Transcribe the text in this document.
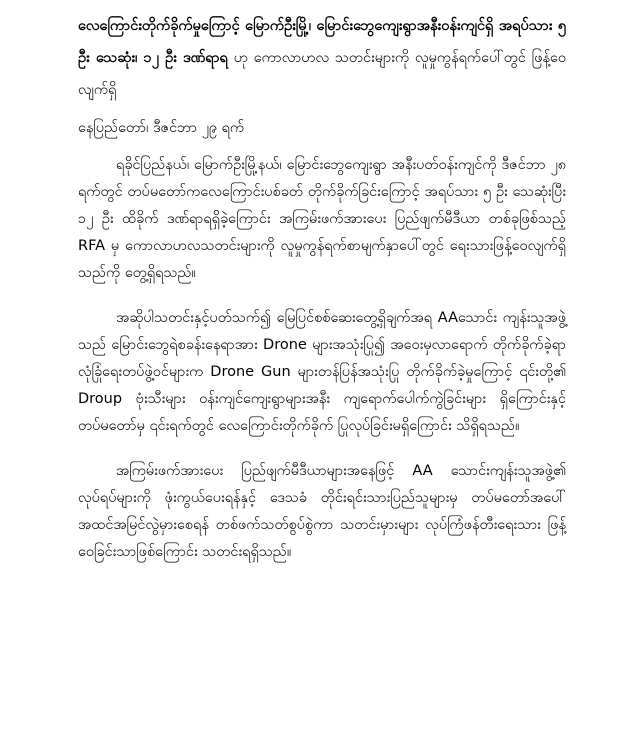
လေကြောင်းတိုက်ခိုက်မှုကြောင့် မြောက်ဦးမြို့၊ မြောင်းဘွေကျေးရွာအနီးဝန်းကျင်ရှိ အရပ်သား ၅ ဦး သေဆုံး၊ ၁၂ ဦး ဒဏ်ရာရ ဟု ကောလာဟလ သတင်းများကို လူမှုကွန်ရက်ပေါ်တွင် ဖြန့်ဝေလျက်ရှိ

နေပြည်တော်၊ ဒီဇင်ဘာ ၂၉ ရက်

ရခိုင်ပြည်နယ်၊ မြောက်ဦးမြို့နယ်၊ မြောင်းဘွေကျေးရွာ အနီးပတ်ဝန်းကျင်ကို ဒီဇင်ဘာ ၂၈ ရက်တွင် တပ်မတော်ကလေကြောင်းပစ်ခတ် တိုက်ခိုက်ခြင်းကြောင့် အရပ်သား ၅ ဦး သေဆုံးပြီး ၁၂ ဦး ထိခိုက် ဒဏ်ရာရရှိခဲ့ကြောင်း အကြမ်းဖက်အားပေး ပြည်ဖျက်မီဒီယာ တစ်ခုဖြစ်သည့် RFA မှ ကောလာဟလသတင်းများကို လူမှုကွန်ရက်စာမျက်နှာပေါ်တွင် ရေးသားဖြန့်ဝေလျက်ရှိသည်ကို တွေ့ရှိရသည်။

အဆိုပါသတင်းနှင့်ပတ်သက်၍ မြေပြင်စစ်ဆေးတွေ့ရှိချက်အရ AAသောင်း ကျန်းသူအဖွဲ့သည် မြောင်းဘွေရဲစခန်းနေရာအား Drone များအသုံးပြု၍ အဝေးမှလာရောက် တိုက်ခိုက်ခဲ့ရာ လုံခြုံရေးတပ်ဖွဲ့ဝင်များက Drone Gun များတန်ပြန်အသုံးပြု တိုက်ခိုက်ခဲ့မှုကြောင့် ၎င်းတို့၏ Droup ဗုံးသီးများ ဝန်းကျင်ကျေးရွာများအနီး ကျရောက်ပေါက်ကွဲခြင်းများ ရှိကြောင်းနှင့် တပ်မတော်မှ ၎င်းရက်တွင် လေကြောင်းတိုက်ခိုက် ပြုလုပ်ခြင်းမရှိကြောင်း သိရှိရသည်။

အကြမ်းဖက်အားပေး ပြည်ဖျက်မီဒီယာများအနေဖြင့် AA သောင်းကျန်းသူအဖွဲ့၏ လုပ်ရပ်များကို ဖုံးကွယ်ပေးရန်နှင့် ဒေသခံ တိုင်းရင်းသားပြည်သူများမှ တပ်မတော်အပေါ် အထင်အမြင်လွဲမှားစေရန် တစ်ဖက်သတ်စွပ်စွဲကာ သတင်းမှားများ လုပ်ကြံဖန်တီးရေးသား ဖြန့်ဝေခြင်းသာဖြစ်ကြောင်း သတင်းရရှိသည်။
